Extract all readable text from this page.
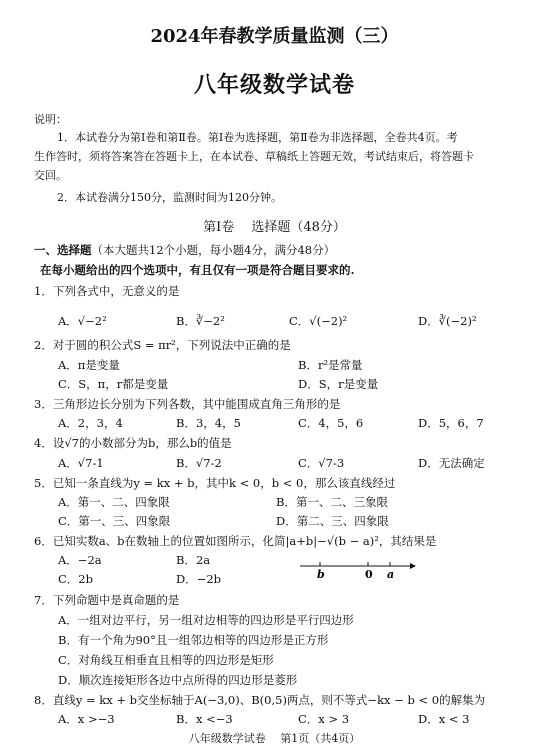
2024年春教学质量监测（三）
八年级数学试卷
说明：
1．本试卷分为第Ⅰ卷和第Ⅱ卷。第Ⅰ卷为选择题，第Ⅱ卷为非选择题，全卷共4页。考
生作答时，须将答案答在答题卡上，在本试卷、草稿纸上答题无效，考试结束后，将答题卡
交回。
2．本试卷满分150分，监测时间为120分钟。
第Ⅰ卷　 选择题（48分）
一、选择题（本大题共12个小题，每小题4分，满分48分）
在每小题给出的四个选项中，有且仅有一项是符合题目要求的.
1．下列各式中，无意义的是
A．√−2²	B．∛−2²	C．√(−2)²	D．∛(−2)²
2．对于圆的积公式S = πr²，下列说法中正确的是
A．π是变量	B．r²是常量
C．S，π，r都是变量	D．S，r是变量
3．三角形边长分别为下列各数，其中能围成直角三角形的是
A．2，3，4	B．3，4，5	C．4，5，6	D．5，6，7
4．设√7的小数部分为b，那么b的值是
A．√7-1	B．√7-2	C．√7-3	D．无法确定
5．已知一条直线为y = kx + b，其中k < 0，b < 0，那么该直线经过
A．第一、二、四象限	B．第一、二、三象限
C．第一、三、四象限	D．第二、三、四象限
6．已知实数a、b在数轴上的位置如图所示，化简|a+b|−√(b − a)²，其结果是
A．−2a	B．2a
C．2b	D．−2b	b	0 a
7．下列命题中是真命题的是
A．一组对边平行，另一组对边相等的四边形是平行四边形
B．有一个角为90°且一组邻边相等的四边形是正方形
C．对角线互相垂直且相等的四边形是矩形
D．顺次连接矩形各边中点所得的四边形是菱形
8．直线y = kx + b交坐标轴于A(−3,0)、B(0,5)两点，则不等式−kx − b < 0的解集为
A．x >−3	B．x <−3	C．x > 3	D．x < 3
八年级数学试卷　 第1页（共4页）
